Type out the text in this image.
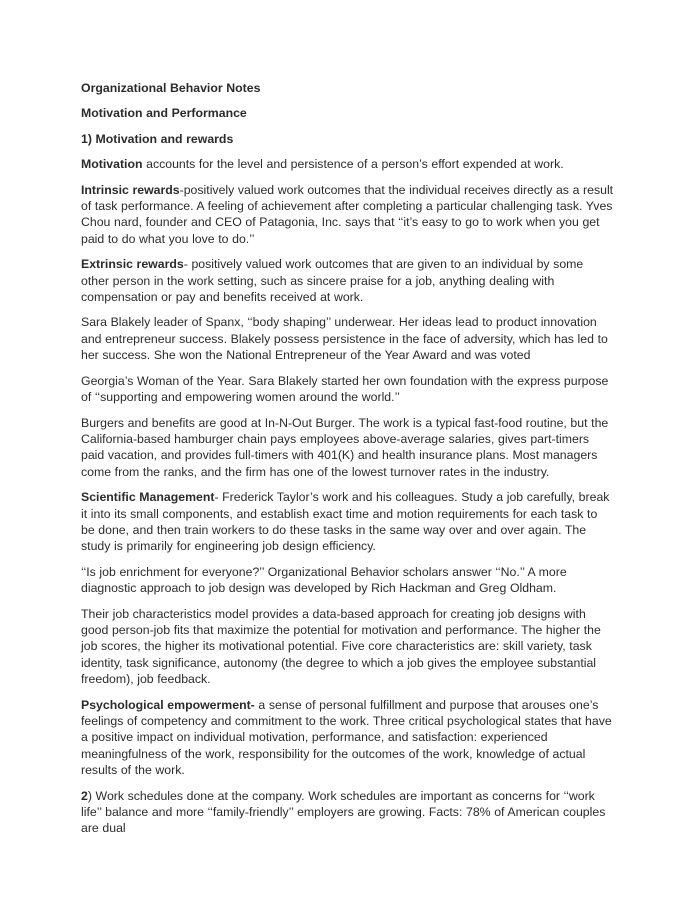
Organizational Behavior Notes

Motivation and Performance

1) Motivation and rewards

Motivation accounts for the level and persistence of a person’s effort expended at work.

Intrinsic rewards-positively valued work outcomes that the individual receives directly as a result of task performance. A feeling of achievement after completing a particular challenging task. Yves Chou nard, founder and CEO of Patagonia, Inc. says that ‘‘it’s easy to go to work when you get paid to do what you love to do.’’

Extrinsic rewards- positively valued work outcomes that are given to an individual by some other person in the work setting, such as sincere praise for a job, anything dealing with compensation or pay and benefits received at work.

Sara Blakely leader of Spanx, ‘‘body shaping’’ underwear. Her ideas lead to product innovation and entrepreneur success. Blakely possess persistence in the face of adversity, which has led to her success. She won the National Entrepreneur of the Year Award and was voted

Georgia’s Woman of the Year. Sara Blakely started her own foundation with the express purpose of ‘‘supporting and empowering women around the world.’’

Burgers and benefits are good at In-N-Out Burger. The work is a typical fast-food routine, but the California-based hamburger chain pays employees above-average salaries, gives part-timers paid vacation, and provides full-timers with 401(K) and health insurance plans. Most managers come from the ranks, and the firm has one of the lowest turnover rates in the industry.

Scientific Management- Frederick Taylor’s work and his colleagues. Study a job carefully, break it into its small components, and establish exact time and motion requirements for each task to be done, and then train workers to do these tasks in the same way over and over again. The study is primarily for engineering job design efficiency.

‘‘Is job enrichment for everyone?’’ Organizational Behavior scholars answer ‘‘No.’’ A more diagnostic approach to job design was developed by Rich Hackman and Greg Oldham.

Their job characteristics model provides a data-based approach for creating job designs with good person-job fits that maximize the potential for motivation and performance. The higher the job scores, the higher its motivational potential. Five core characteristics are: skill variety, task identity, task significance, autonomy (the degree to which a job gives the employee substantial freedom), job feedback.

Psychological empowerment- a sense of personal fulfillment and purpose that arouses one’s feelings of competency and commitment to the work. Three critical psychological states that have a positive impact on individual motivation, performance, and satisfaction: experienced meaningfulness of the work, responsibility for the outcomes of the work, knowledge of actual results of the work.

2) Work schedules done at the company. Work schedules are important as concerns for ‘‘work life’’ balance and more ‘‘family-friendly’’ employers are growing. Facts: 78% of American couples are dual
